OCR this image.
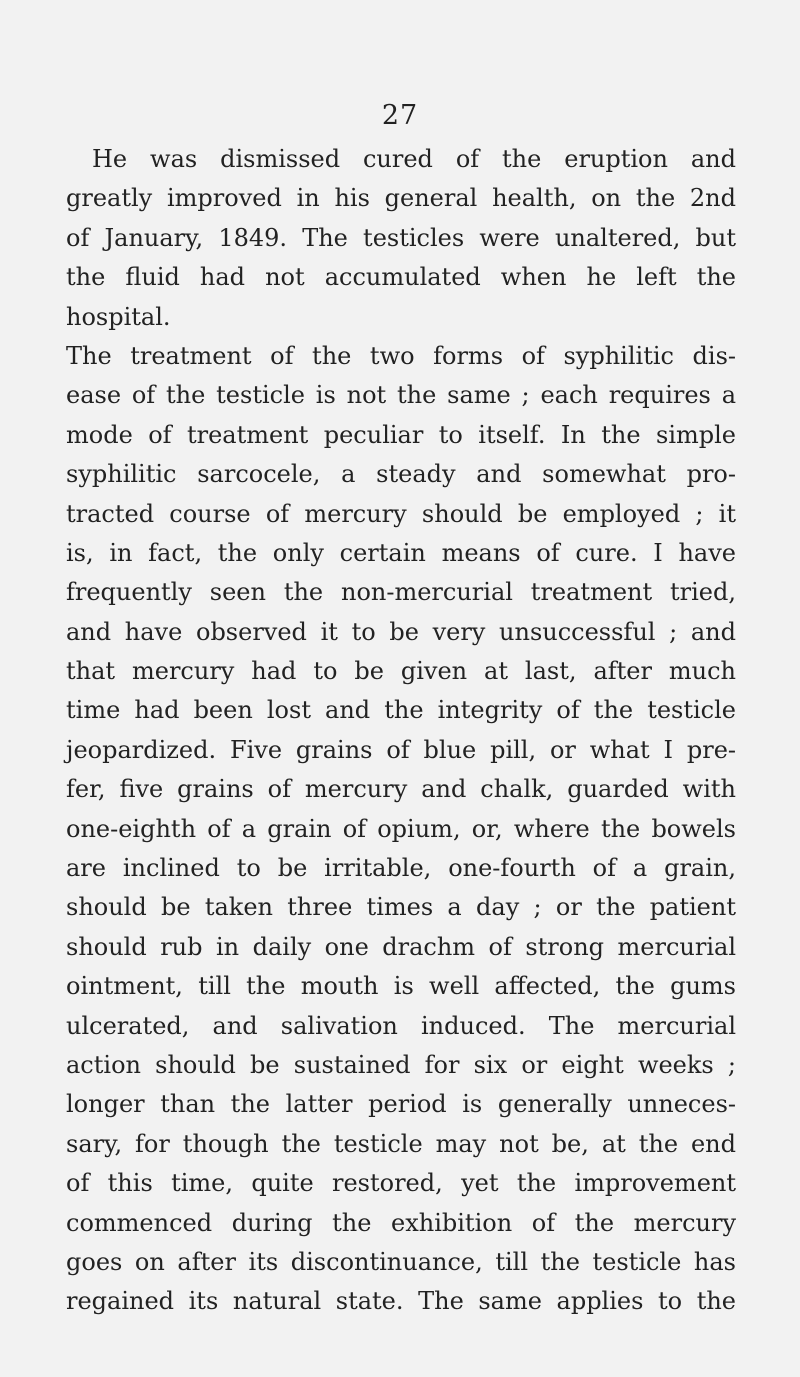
27
He was dismissed cured of the eruption and
greatly improved in his general health, on the 2nd
of January, 1849. The testicles were unaltered, but
the fluid had not accumulated when he left the
hospital.
The treatment of the two forms of syphilitic dis-
ease of the testicle is not the same ; each requires a
mode of treatment peculiar to itself. In the simple
syphilitic sarcocele, a steady and somewhat pro-
tracted course of mercury should be employed ; it
is, in fact, the only certain means of cure. I have
frequently seen the non-mercurial treatment tried,
and have observed it to be very unsuccessful ; and
that mercury had to be given at last, after much
time had been lost and the integrity of the testicle
jeopardized. Five grains of blue pill, or what I pre-
fer, five grains of mercury and chalk, guarded with
one-eighth of a grain of opium, or, where the bowels
are inclined to be irritable, one-fourth of a grain,
should be taken three times a day ; or the patient
should rub in daily one drachm of strong mercurial
ointment, till the mouth is well affected, the gums
ulcerated, and salivation induced. The mercurial
action should be sustained for six or eight weeks ;
longer than the latter period is generally unneces-
sary, for though the testicle may not be, at the end
of this time, quite restored, yet the improvement
commenced during the exhibition of the mercury
goes on after its discontinuance, till the testicle has
regained its natural state. The same applies to the
